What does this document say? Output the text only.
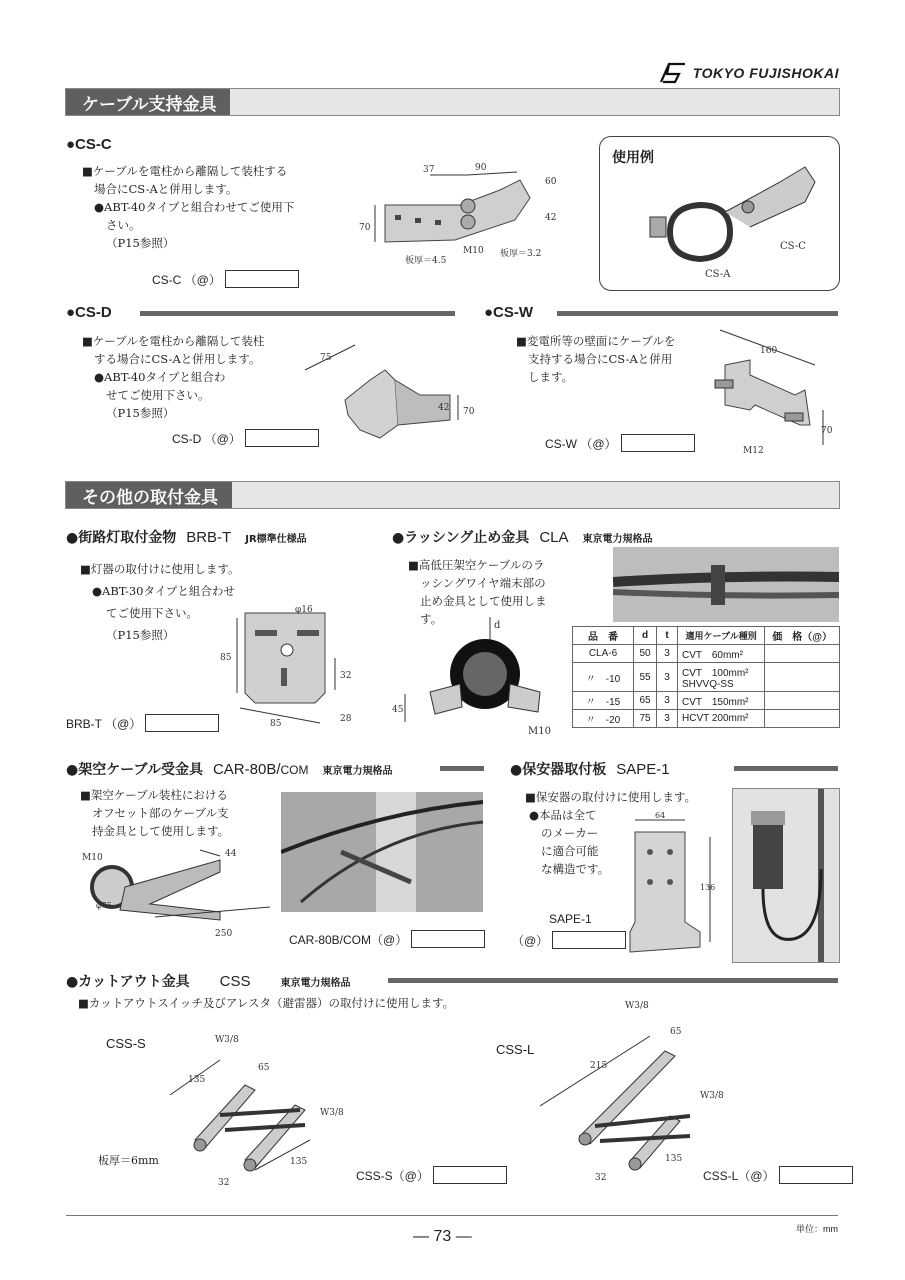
TOKYO FUJISHOKAI
ケーブル支持金具
●CS-C
■ケーブルを電柱から離隔して装柱する
場合にCS-Aと併用します。
●ABT-40タイプと組合わせてご使用下
さい。
（P15参照）
CS-C （@）
37	90
60
42
70
M10
板厚＝4.5
板厚＝3.2
使用例
CS-C
CS-A
●CS-D
■ケーブルを電柱から離隔して装柱
する場合にCS-Aと併用します。
●ABT-40タイプと組合わ
せてご使用下さい。
（P15参照）
CS-D （@）
75
42 70
●CS-W
■変電所等の壁面にケーブルを
支持する場合にCS-Aと併用
します。
CS-W （@）
160
70
M12
その他の取付金具
●街路灯取付金物 BRB-T JR標準仕様品
■灯器の取付けに使用します。
●ABT-30タイプと組合わせ
てご使用下さい。
（P15参照）
BRB-T （@）
φ16
85
32
85	28
●ラッシング止め金具 CLA 東京電力規格品
■高低圧架空ケーブルのラ
ッシングワイヤ端末部の
止め金具として使用しま
す。	d
45
M10
品　番	d	t	適用ケーブル種別	価　格（@）
CLA-6	50	3	CVT　60mm²	
〃　-10	55	3	CVT　100mm²
SHVVQ-SS	

〃　-15	65	3	CVT　150mm²	
〃　-20	75	3	HCVT 200mm²	
●架空ケーブル受金具 CAR-80B/COM 東京電力規格品
■架空ケーブル装柱における
オフセット部のケーブル支
持金具として使用します。
M10	44
φ75
250	CAR-80B/COM（@）
●保安器取付板 SAPE-1
■保安器の取付けに使用します。
●本品は全て
のメーカー
に適合可能
な構造です。
64
136
SAPE-1
（@）
●カットアウト金具 CSS	東京電力規格品
■カットアウトスイッチ及びアレスタ（避雷器）の取付けに使用します。
CSS-S	CSS-L
板厚＝6mm
W3/8
65
135
W3/8
135
32
CSS-S（@）
W3/8
65
215
W3/8
135
32	CSS-L（@）
単位：mm
— 73 —
